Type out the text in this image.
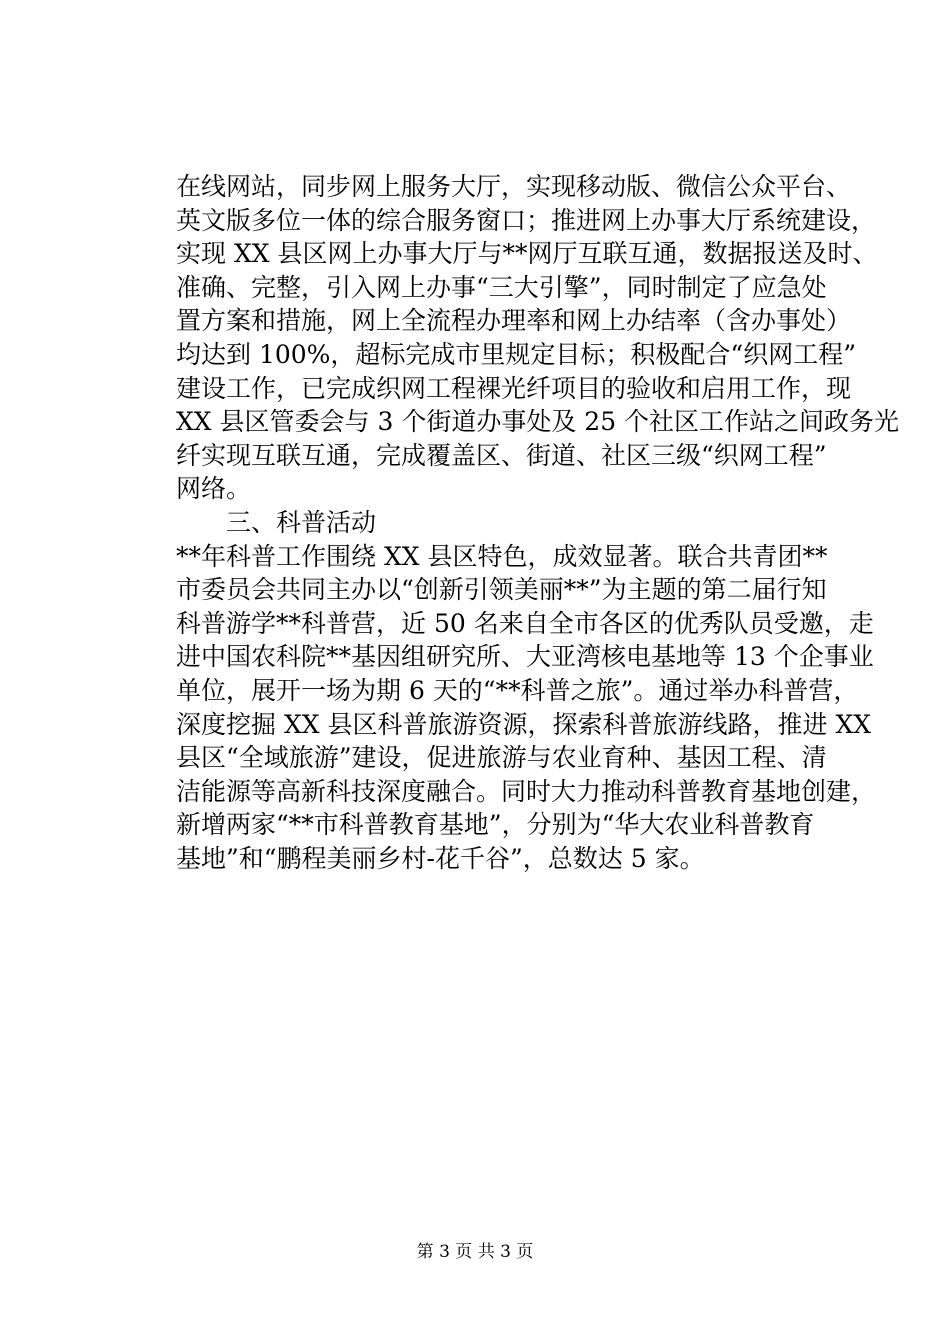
在线网站，同步网上服务大厅，实现移动版、微信公众平台、
英文版多位一体的综合服务窗口；推进网上办事大厅系统建设，
实现 XX 县区网上办事大厅与**网厅互联互通，数据报送及时、
准确、完整，引入网上办事“三大引擎”，同时制定了应急处
置方案和措施，网上全流程办理率和网上办结率（含办事处）
均达到 100%，超标完成市里规定目标；积极配合“织网工程”
建设工作，已完成织网工程裸光纤项目的验收和启用工作，现
XX 县区管委会与 3 个街道办事处及 25 个社区工作站之间政务光
纤实现互联互通，完成覆盖区、街道、社区三级“织网工程”
网络。
三、科普活动
**年科普工作围绕 XX 县区特色，成效显著。联合共青团**
市委员会共同主办以“创新引领美丽**”为主题的第二届行知
科普游学**科普营，近 50 名来自全市各区的优秀队员受邀，走
进中国农科院**基因组研究所、大亚湾核电基地等 13 个企事业
单位，展开一场为期 6 天的“**科普之旅”。通过举办科普营，
深度挖掘 XX 县区科普旅游资源，探索科普旅游线路，推进 XX
县区“全域旅游”建设，促进旅游与农业育种、基因工程、清
洁能源等高新科技深度融合。同时大力推动科普教育基地创建，
新增两家“**市科普教育基地”，分别为“华大农业科普教育
基地”和“鹏程美丽乡村-花千谷”，总数达 5 家。
第 3 页 共 3 页
